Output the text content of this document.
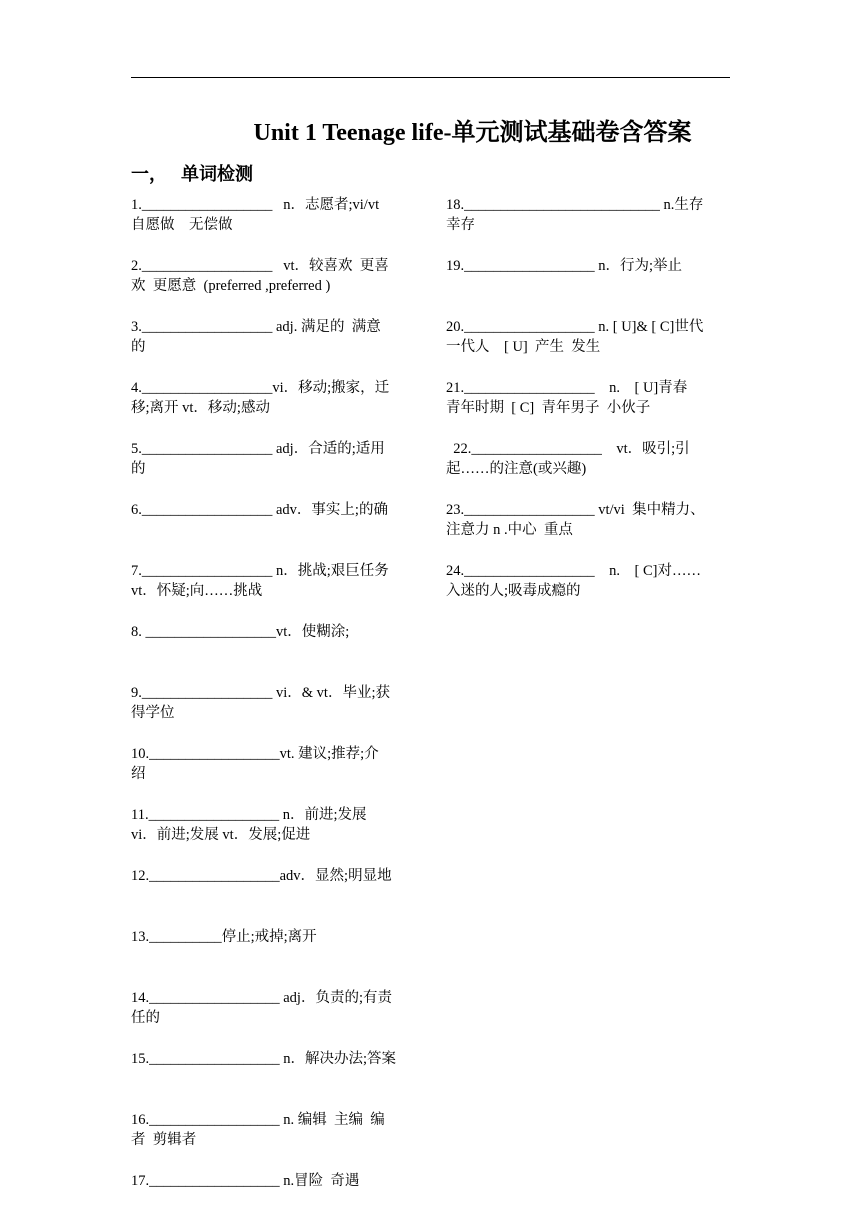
Unit 1 Teenage life-单元测试基础卷含答案
一， 单词检测
1.__________________   n．志愿者;vi/vt
自愿做    无偿做
2.__________________   vt．较喜欢  更喜
欢  更愿意  (preferred ,preferred )
3.__________________ adj. 满足的  满意
的
4.__________________vi．移动;搬家，迁
移;离开 vt．移动;感动
5.__________________ adj．合适的;适用
的
6.__________________ adv．事实上;的确
7.__________________ n．挑战;艰巨任务
vt．怀疑;向……挑战
8. __________________vt．使糊涂;
9.__________________ vi．& vt．毕业;获
得学位
10.__________________vt. 建议;推荐;介
绍
11.__________________ n．前进;发展
vi．前进;发展 vt．发展;促进
12.__________________adv．显然;明显地
13.__________停止;戒掉;离开
14.__________________ adj．负责的;有责
任的
15.__________________ n．解决办法;答案
16.__________________ n. 编辑  主编  编
者  剪辑者
17.__________________ n.冒险  奇遇
18.___________________________ n.生存
幸存
19.__________________ n．行为;举止
20.__________________ n. [ U]& [ C]世代
一代人    [ U]  产生  发生
21.__________________    n.    [ U]青春
青年时期  [ C]  青年男子  小伙子
22.__________________    vt．吸引;引
起……的注意(或兴趣)
23.__________________ vt/vi  集中精力、
注意力 n .中心  重点
24.__________________    n.    [ C]对……
入迷的人;吸毒成瘾的
